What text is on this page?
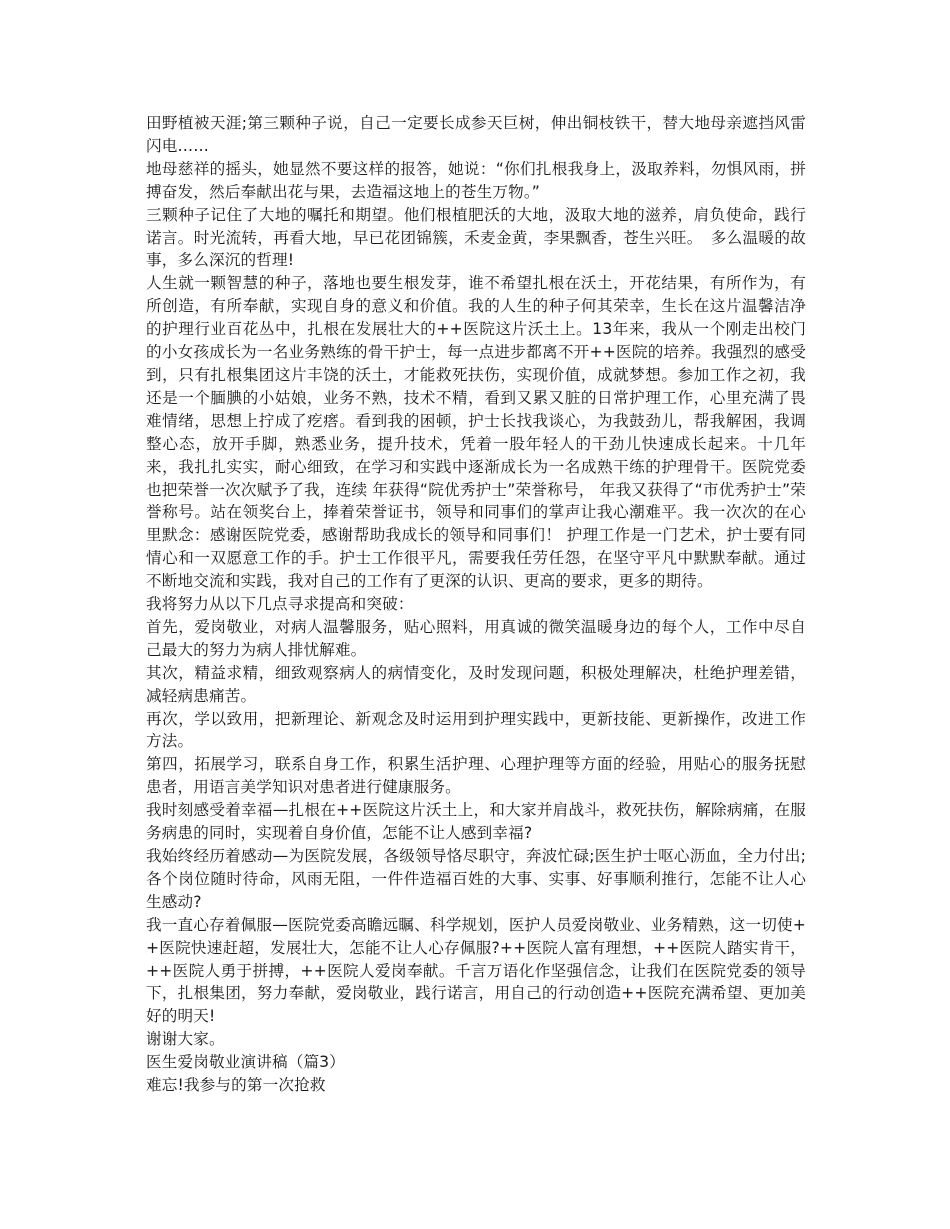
田野植被天涯;第三颗种子说，自己一定要长成参天巨树，伸出铜枝铁干，替大地母亲遮挡风雷闪电……

地母慈祥的摇头，她显然不要这样的报答，她说：“你们扎根我身上，汲取养料，勿惧风雨，拼搏奋发，然后奉献出花与果，去造福这地上的苍生万物。”

三颗种子记住了大地的嘱托和期望。他们根植肥沃的大地，汲取大地的滋养，肩负使命，践行诺言。时光流转，再看大地，早已花团锦簇，禾麦金黄，李果飘香，苍生兴旺。　多么温暖的故事，多么深沉的哲理!

人生就一颗智慧的种子，落地也要生根发芽，谁不希望扎根在沃土，开花结果，有所作为，有所创造，有所奉献，实现自身的意义和价值。我的人生的种子何其荣幸，生长在这片温馨洁净的护理行业百花丛中，扎根在发展壮大的++医院这片沃土上。13年来，我从一个刚走出校门的小女孩成长为一名业务熟练的骨干护士，每一点进步都离不开++医院的培养。我强烈的感受到，只有扎根集团这片丰饶的沃土，才能救死扶伤，实现价值，成就梦想。参加工作之初，我还是一个腼腆的小姑娘，业务不熟，技术不精，看到又累又脏的日常护理工作，心里充满了畏难情绪，思想上拧成了疙瘩。看到我的困顿，护士长找我谈心，为我鼓劲儿，帮我解困，我调整心态，放开手脚，熟悉业务，提升技术，凭着一股年轻人的干劲儿快速成长起来。十几年来，我扎扎实实，耐心细致，在学习和实践中逐渐成长为一名成熟干练的护理骨干。医院党委也把荣誉一次次赋予了我，连续 年获得“院优秀护士”荣誉称号， 年我又获得了“市优秀护士”荣誉称号。站在领奖台上，捧着荣誉证书，领导和同事们的掌声让我心潮难平。我一次次的在心里默念：感谢医院党委，感谢帮助我成长的领导和同事们！ 护理工作是一门艺术，护士要有同情心和一双愿意工作的手。护士工作很平凡，需要我任劳任怨，在坚守平凡中默默奉献。通过不断地交流和实践，我对自己的工作有了更深的认识、更高的要求，更多的期待。

我将努力从以下几点寻求提高和突破：

首先，爱岗敬业，对病人温馨服务，贴心照料，用真诚的微笑温暖身边的每个人，工作中尽自己最大的努力为病人排忧解难。

其次，精益求精，细致观察病人的病情变化，及时发现问题，积极处理解决，杜绝护理差错，减轻病患痛苦。

再次，学以致用，把新理论、新观念及时运用到护理实践中，更新技能、更新操作，改进工作方法。

第四，拓展学习，联系自身工作，积累生活护理、心理护理等方面的经验，用贴心的服务抚慰患者，用语言美学知识对患者进行健康服务。

我时刻感受着幸福—扎根在++医院这片沃土上，和大家并肩战斗，救死扶伤，解除病痛，在服务病患的同时，实现着自身价值，怎能不让人感到幸福?

我始终经历着感动—为医院发展，各级领导恪尽职守，奔波忙碌;医生护士呕心沥血，全力付出;各个岗位随时待命，风雨无阻，一件件造福百姓的大事、实事、好事顺利推行，怎能不让人心生感动?

我一直心存着佩服—医院党委高瞻远瞩、科学规划，医护人员爱岗敬业、业务精熟，这一切使++医院快速赶超，发展壮大，怎能不让人心存佩服?++医院人富有理想，++医院人踏实肯干，++医院人勇于拼搏，++医院人爱岗奉献。千言万语化作坚强信念，让我们在医院党委的领导下，扎根集团，努力奉献，爱岗敬业，践行诺言，用自己的行动创造++医院充满希望、更加美好的明天!

谢谢大家。

医生爱岗敬业演讲稿（篇3）

难忘!我参与的第一次抢救
